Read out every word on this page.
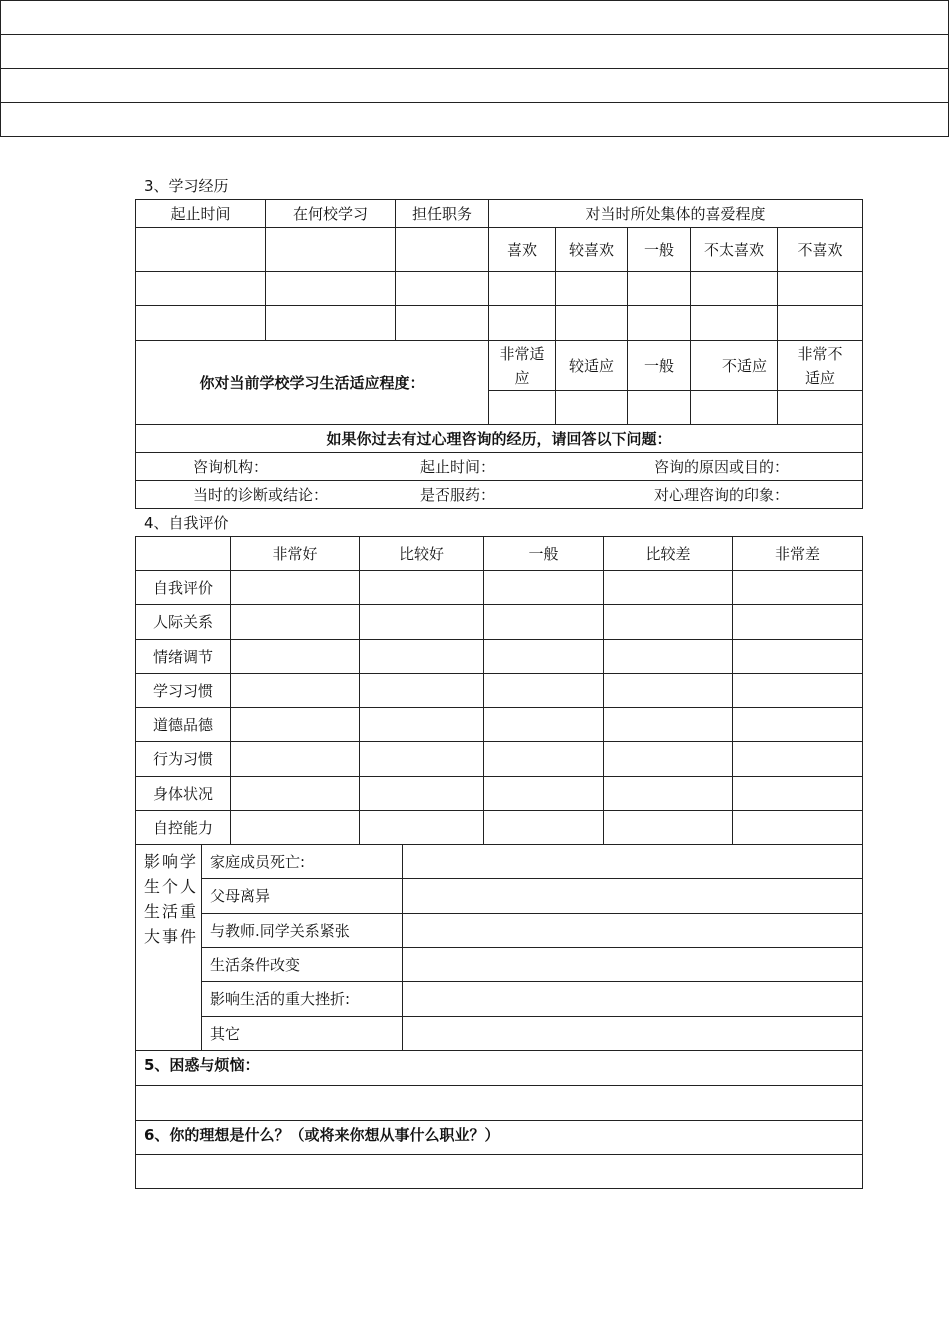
3、学习经历
起止时间	在何校学习	担任职务	对当时所处集体的喜爱程度				
			喜欢	较喜欢	一般	不太喜欢	不喜欢

你对当前学校学习生活适应程度：			非常适应	较适应	一般	不适应	非常不适应

如果你过去有过心理咨询的经历，请回答以下问题：							
咨询机构： 起止时间： 咨询的原因或目的：							
当时的诊断或结论： 是否服药： 对心理咨询的印象：							
4、自我评价
	非常好	比较好	一般	比较差	非常差
自我评价					
人际关系					
情绪调节					
学习习惯					
道德品德					
行为习惯					
身体状况					
自控能力					
影响学生个人生活重大事件	家庭成员死亡:	
	父母离异	
	与教师.同学关系紧张	
	生活条件改变	
	影响生活的重大挫折:	
	其它	
5、困惑与烦恼：		

6、你的理想是什么？（或将来你想从事什么职业？）		
